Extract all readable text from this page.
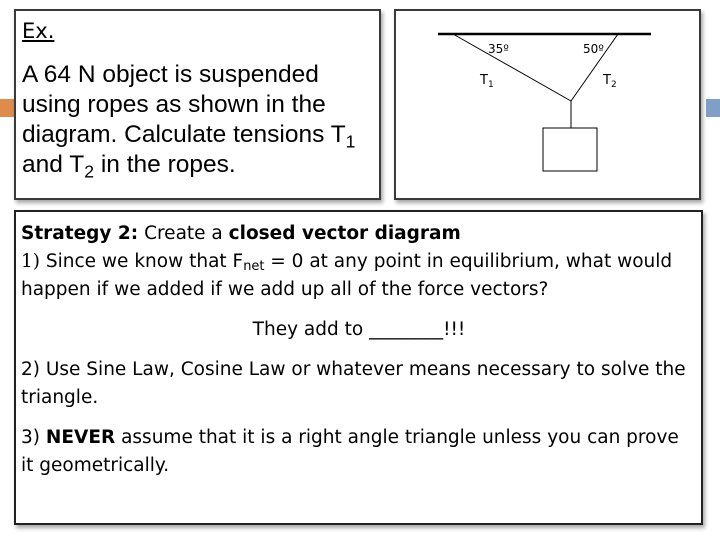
Ex.
A 64 N object is suspended using ropes as shown in the diagram. Calculate tensions $T_1$ and $T_2$ in the ropes.
35º	50º
$T_1$	$T_2$
Strategy 2: Create a closed vector diagram
1) Since we know that Fnet = 0 at any point in equilibrium, what would happen if we added if we add up all of the force vectors?
They add to ________!!!
2) Use Sine Law, Cosine Law or whatever means necessary to solve the triangle.
3) NEVER assume that it is a right angle triangle unless you can prove it geometrically.
